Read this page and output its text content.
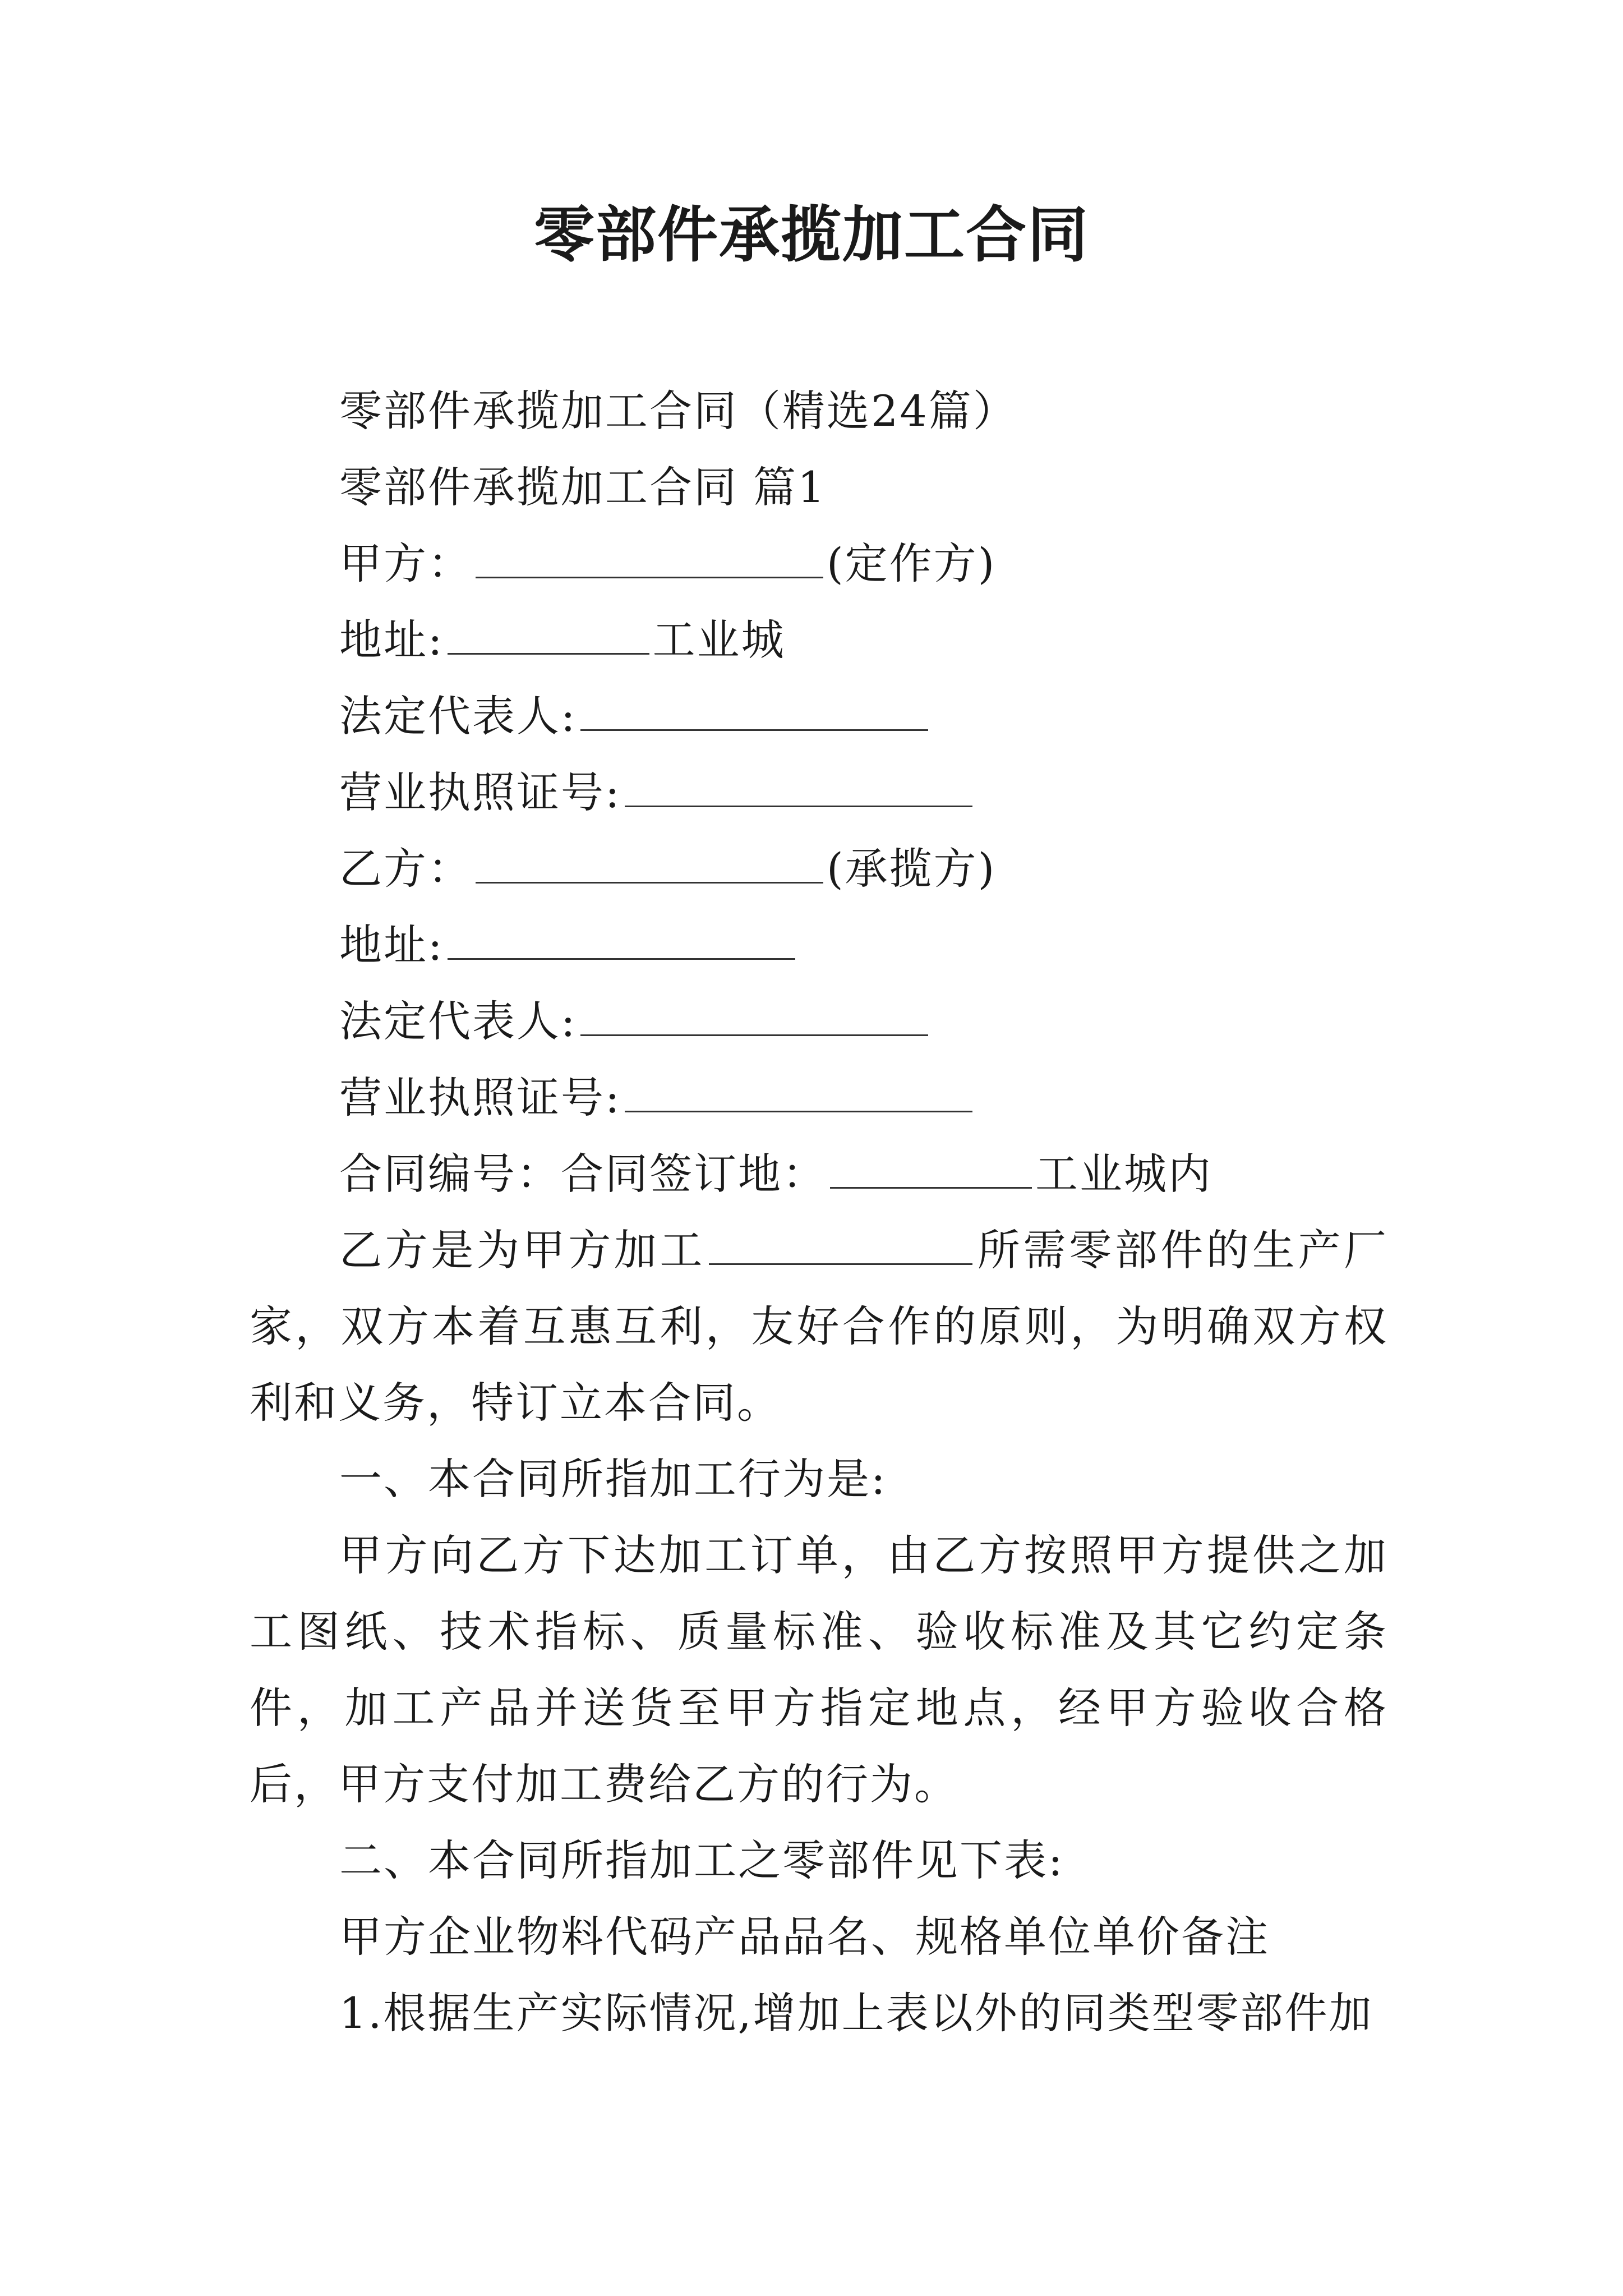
零部件承揽加工合同
零部件承揽加工合同（精选24篇）
零部件承揽加工合同 篇1
甲方：	(定作方)
地址:	工业城
法定代表人:
营业执照证号:
乙方：	(承揽方)
地址:
法定代表人:
营业执照证号:
合同编号：合同签订地：	工业城内
乙方是为甲方加工	所需零部件的生产厂家，双方本着互惠互利，友好合作的原则，为明确双方权利和义务，特订立本合同。
一、本合同所指加工行为是:
甲方向乙方下达加工订单，由乙方按照甲方提供之加工图纸、技术指标、质量标准、验收标准及其它约定条件，加工产品并送货至甲方指定地点，经甲方验收合格后，甲方支付加工费给乙方的行为。
二、本合同所指加工之零部件见下表:
甲方企业物料代码产品品名、规格单位单价备注
1.根据生产实际情况,增加上表以外的同类型零部件加
